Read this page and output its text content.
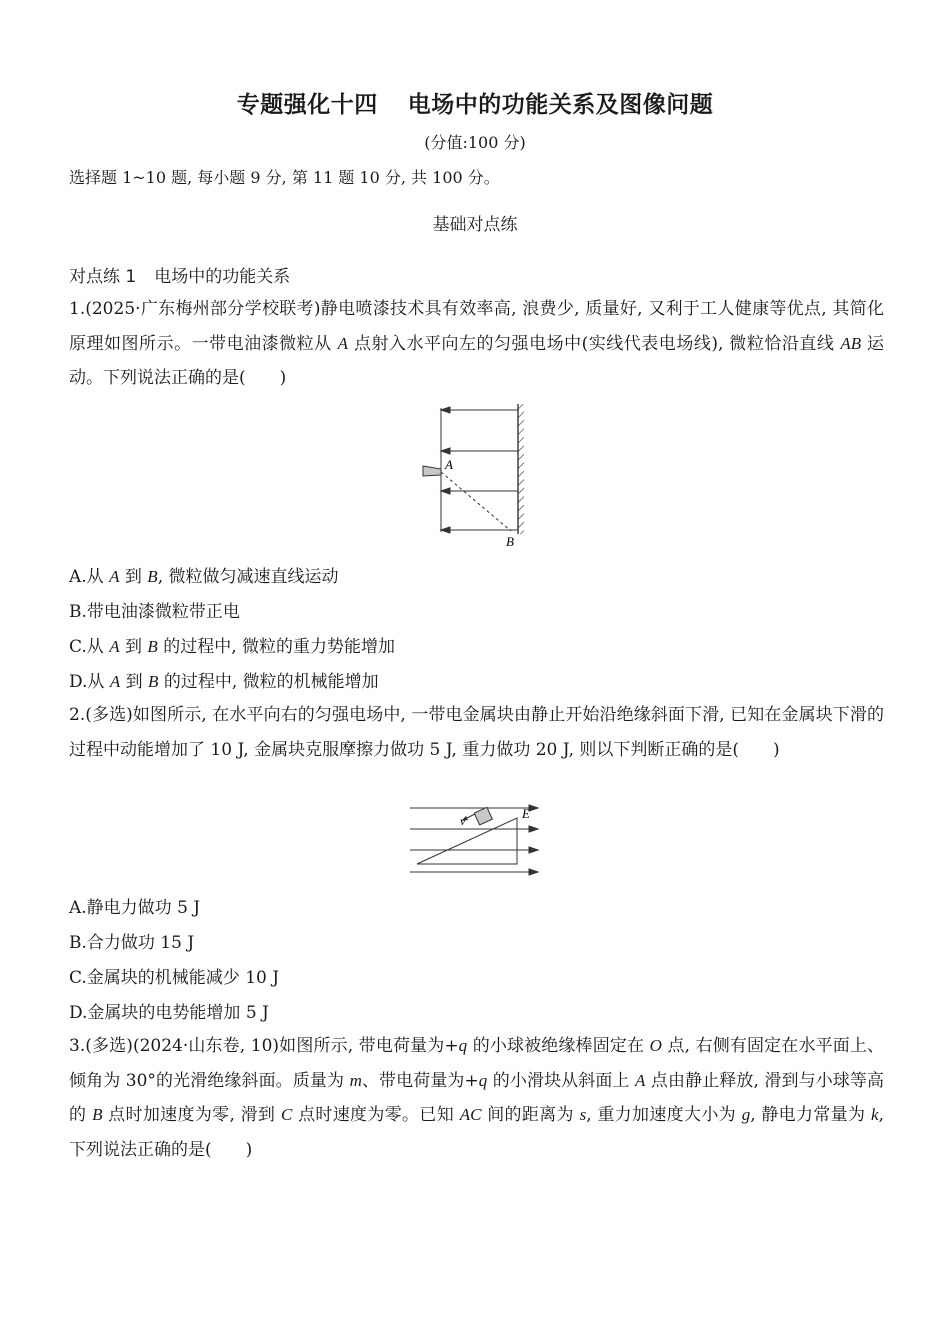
专题强化十四 电场中的功能关系及图像问题
(分值:100 分)
选择题 1~10 题, 每小题 9 分, 第 11 题 10 分, 共 100 分。
基础对点练
对点练 1 电场中的功能关系
1.(2025·广东梅州部分学校联考)静电喷漆技术具有效率高, 浪费少, 质量好, 又利于工人健康等优点, 其简化原理如图所示。一带电油漆微粒从 A 点射入水平向左的匀强电场中(实线代表电场线), 微粒恰沿直线 AB 运动。下列说法正确的是(　　)
A
B
A.从 A 到 B, 微粒做匀减速直线运动
B.带电油漆微粒带正电
C.从 A 到 B 的过程中, 微粒的重力势能增加
D.从 A 到 B 的过程中, 微粒的机械能增加
2.(多选)如图所示, 在水平向右的匀强电场中, 一带电金属块由静止开始沿绝缘斜面下滑, 已知在金属块下滑的过程中动能增加了 10 J, 金属块克服摩擦力做功 5 J, 重力做功 20 J, 则以下判断正确的是(　　)
v	E
A.静电力做功 5 J
B.合力做功 15 J
C.金属块的机械能减少 10 J
D.金属块的电势能增加 5 J
3.(多选)(2024·山东卷, 10)如图所示, 带电荷量为+q 的小球被绝缘棒固定在 O 点, 右侧有固定在水平面上、倾角为 30°的光滑绝缘斜面。质量为 m、带电荷量为+q 的小滑块从斜面上 A 点由静止释放, 滑到与小球等高的 B 点时加速度为零, 滑到 C 点时速度为零。已知 AC 间的距离为 s, 重力加速度大小为 g, 静电力常量为 k, 下列说法正确的是(　　)
